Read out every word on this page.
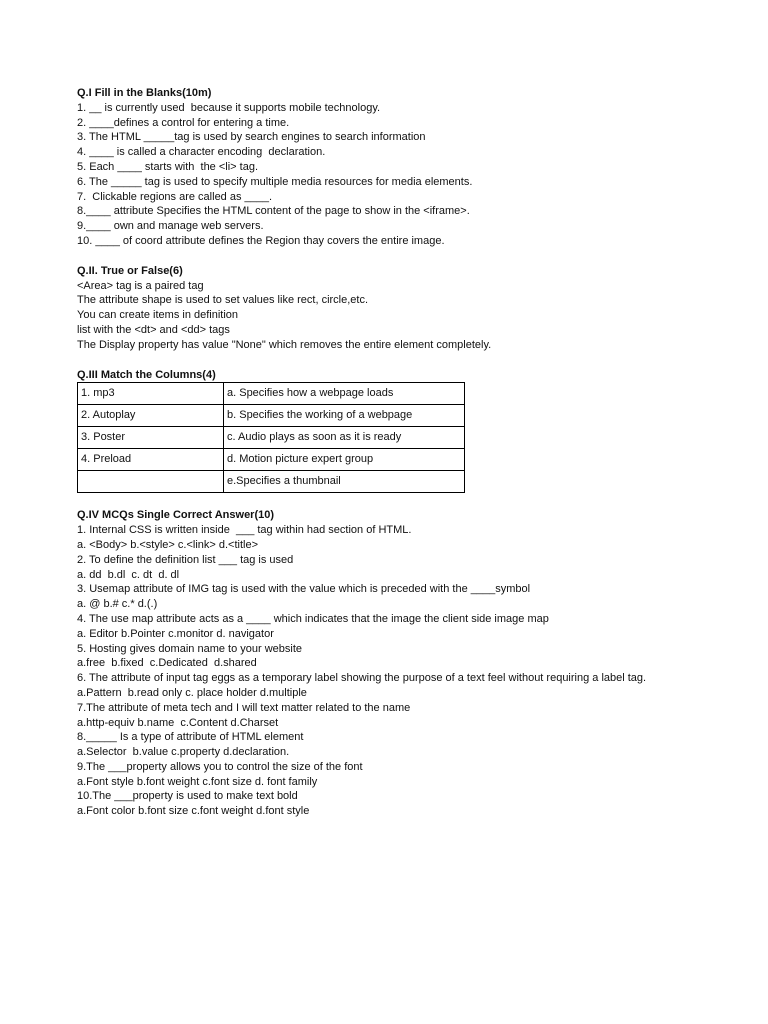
Q.I Fill in the Blanks(10m)
1. __ is currently used  because it supports mobile technology.
2. ____defines a control for entering a time.
3. The HTML _____tag is used by search engines to search information
4. ____ is called a character encoding  declaration.
5. Each ____ starts with  the <li> tag.
6. The _____ tag is used to specify multiple media resources for media elements.
7.  Clickable regions are called as ____.
8.____ attribute Specifies the HTML content of the page to show in the <iframe>.
9.____ own and manage web servers.
10. ____ of coord attribute defines the Region thay covers the entire image.
Q.II. True or False(6)
<Area> tag is a paired tag
The attribute shape is used to set values like rect, circle,etc.
You can create items in definition
list with the <dt> and <dd> tags
The Display property has value "None" which removes the entire element completely.
Q.III Match the Columns(4)
1. mp3	a. Specifies how a webpage loads
2. Autoplay	b. Specifies the working of a webpage
3. Poster	c. Audio plays as soon as it is ready
4. Preload	d. Motion picture expert group
	e.Specifies a thumbnail
Q.IV MCQs Single Correct Answer(10)
1. Internal CSS is written inside  ___ tag within had section of HTML.
a. <Body> b.<style> c.<link> d.<title>
2. To define the definition list ___ tag is used
a. dd  b.dl  c. dt  d. dl
3. Usemap attribute of IMG tag is used with the value which is preceded with the ____symbol
a. @ b.# c.* d.(.)
4. The use map attribute acts as a ____ which indicates that the image the client side image map
a. Editor b.Pointer c.monitor d. navigator
5. Hosting gives domain name to your website
a.free  b.fixed  c.Dedicated  d.shared
6. The attribute of input tag eggs as a temporary label showing the purpose of a text feel without requiring a label tag.
a.Pattern  b.read only c. place holder d.multiple
7.The attribute of meta tech and I will text matter related to the name
a.http-equiv b.name  c.Content d.Charset
8._____ Is a type of attribute of HTML element
a.Selector  b.value c.property d.declaration.
9.The ___property allows you to control the size of the font
a.Font style b.font weight c.font size d. font family
10.The ___property is used to make text bold
a.Font color b.font size c.font weight d.font style
